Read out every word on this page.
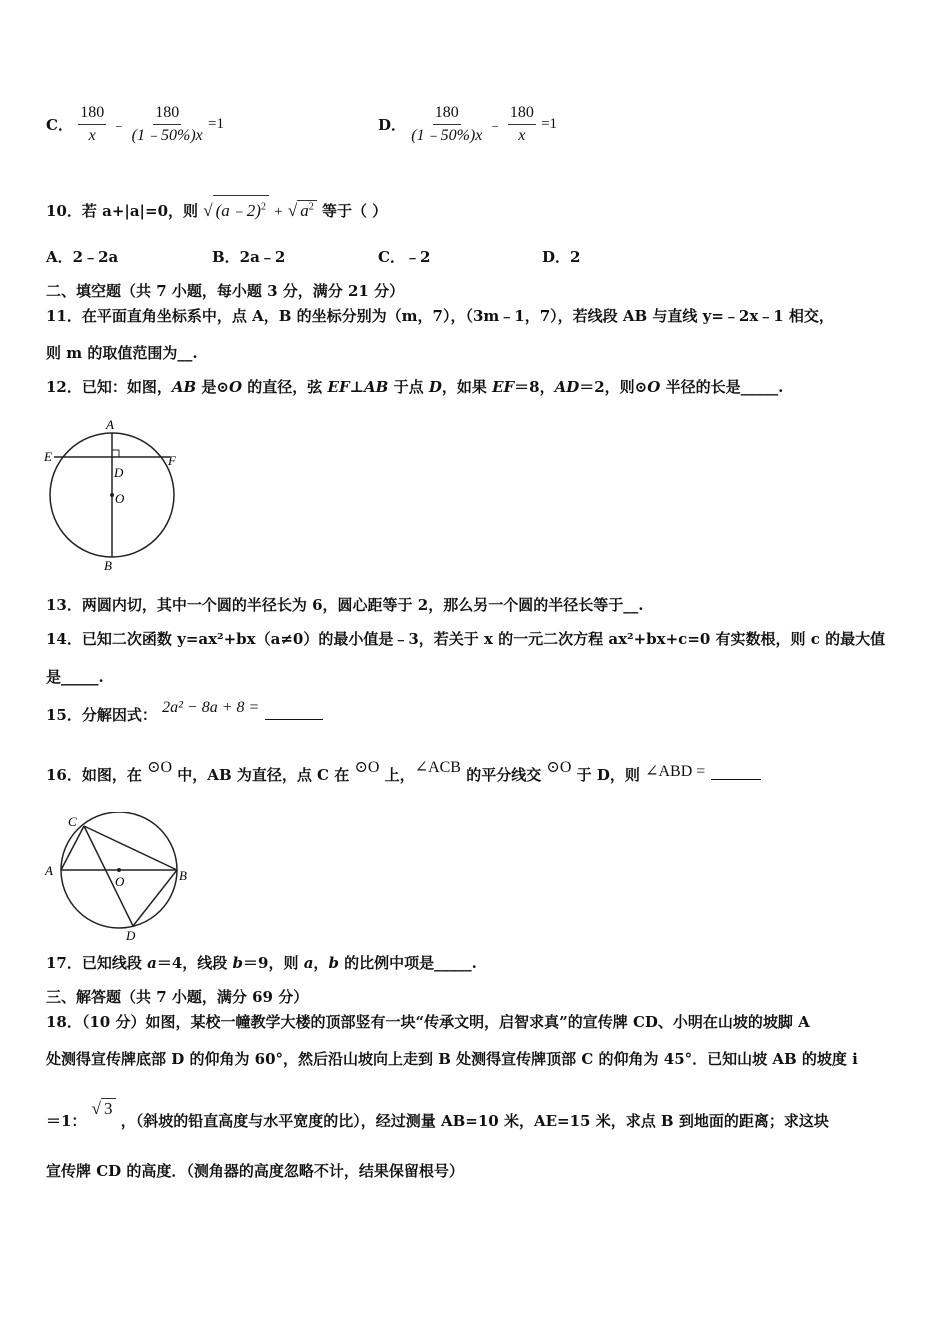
C． $\frac{180}{x}$ ﹣ $\frac{180}{(1﹣50\%)x} =1$	D． $\frac{180}{(1﹣50\%)x}$ ﹣ $\frac{180}{x} =1$
10．若 a+|a|=0，则 √ (a﹣2)$^2$ + √ $a^2$ 等于（ ）
A．2﹣2a	B．2a﹣2	C．﹣2	D．2
二、填空题（共 7 小题，每小题 3 分，满分 21 分）
11．在平面直角坐标系中，点 A，B 的坐标分别为（m，7），（3m﹣1，7），若线段 AB 与直线 y=﹣2x﹣1 相交，
则 m 的取值范围为__.
12．已知：如图，AB 是⊙O 的直径，弦 EF⊥AB 于点 D，如果 EF＝8，AD＝2，则⊙O 半径的长是_____.
A
E	F
D
O
B
13．两圆内切，其中一个圆的半径长为 6，圆心距等于 2，那么另一个圆的半径长等于__.
14．已知二次函数 y=ax²+bx（a≠0）的最小值是﹣3，若关于 x 的一元二次方程 ax²+bx+c=0 有实数根，则 c 的最大值
是_____.
15．分解因式： 2a² − 8a + 8 =
16．如图，在 ⊙O 中，AB 为直径，点 C 在 ⊙O 上，∠ACB 的平分线交 ⊙O 于 D，则 ∠ABD =
C
A
O	B
D
17．已知线段 a＝4，线段 b＝9，则 a，b 的比例中项是_____.
三、解答题（共 7 小题，满分 69 分）
18．（10 分）如图，某校一幢教学大楼的顶部竖有一块“传承文明，启智求真”的宣传牌 CD、小明在山坡的坡脚 A
处测得宣传牌底部 D 的仰角为 60°，然后沿山坡向上走到 B 处测得宣传牌顶部 C 的仰角为 45°．已知山坡 AB 的坡度 i
＝1： √ 3 ，（斜坡的铅直高度与水平宽度的比），经过测量 AB=10 米，AE=15 米，求点 B 到地面的距离；求这块
宣传牌 CD 的高度．（测角器的高度忽略不计，结果保留根号）
